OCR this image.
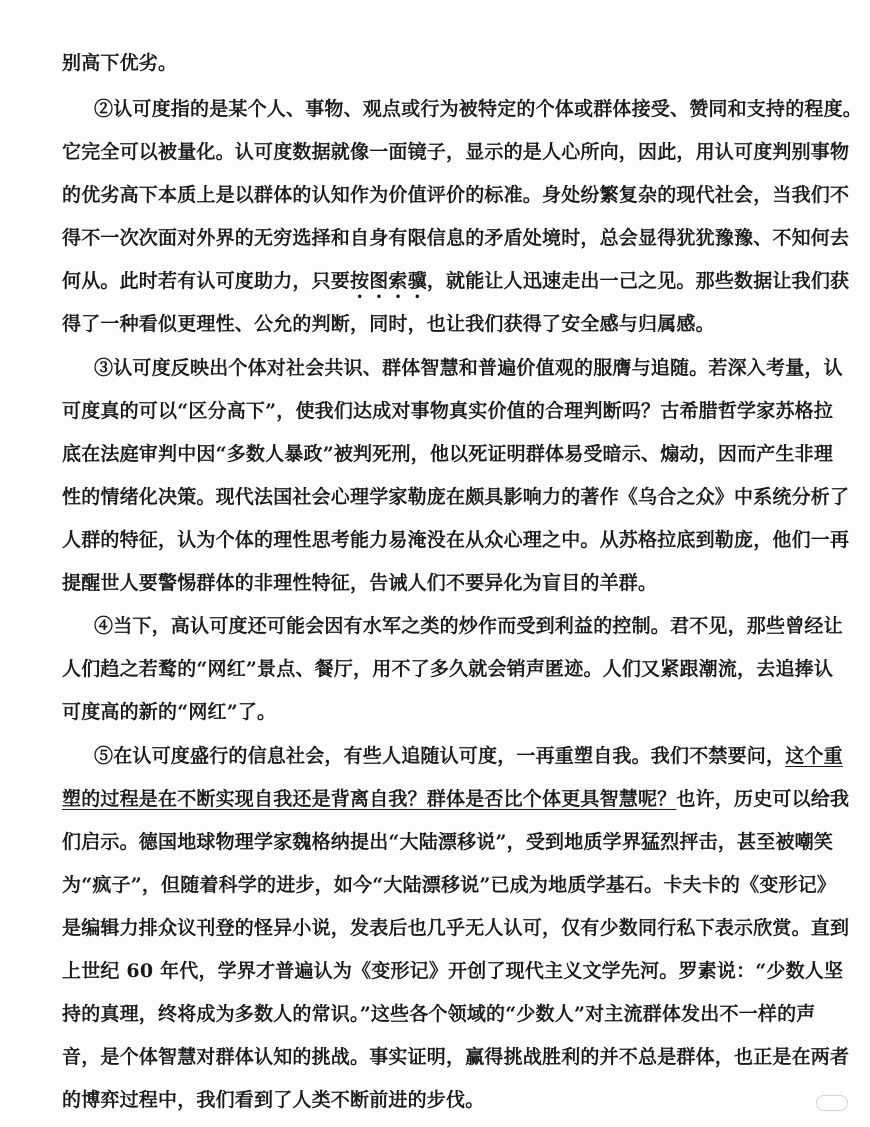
别高下优劣。
②认可度指的是某个人、事物、观点或行为被特定的个体或群体接受、赞同和支持的程度。
它完全可以被量化。认可度数据就像一面镜子，显示的是人心所向，因此，用认可度判别事物
的优劣高下本质上是以群体的认知作为价值评价的标准。身处纷繁复杂的现代社会，当我们不
得不一次次面对外界的无穷选择和自身有限信息的矛盾处境时，总会显得犹犹豫豫、不知何去
何从。此时若有认可度助力，只要按图索骥，就能让人迅速走出一己之见。那些数据让我们获
得了一种看似更理性、公允的判断，同时，也让我们获得了安全感与归属感。
③认可度反映出个体对社会共识、群体智慧和普遍价值观的服膺与追随。若深入考量，认
可度真的可以“区分高下”，使我们达成对事物真实价值的合理判断吗？古希腊哲学家苏格拉
底在法庭审判中因“多数人暴政”被判死刑，他以死证明群体易受暗示、煽动，因而产生非理
性的情绪化决策。现代法国社会心理学家勒庞在颇具影响力的著作《乌合之众》中系统分析了
人群的特征，认为个体的理性思考能力易淹没在从众心理之中。从苏格拉底到勒庞，他们一再
提醒世人要警惕群体的非理性特征，告诫人们不要异化为盲目的羊群。
④当下，高认可度还可能会因有水军之类的炒作而受到利益的控制。君不见，那些曾经让
人们趋之若鹜的“网红”景点、餐厅，用不了多久就会销声匿迹。人们又紧跟潮流，去追捧认
可度高的新的“网红”了。
⑤在认可度盛行的信息社会，有些人追随认可度，一再重塑自我。我们不禁要问，这个重
塑的过程是在不断实现自我还是背离自我？群体是否比个体更具智慧呢？也许，历史可以给我
们启示。德国地球物理学家魏格纳提出“大陆漂移说”，受到地质学界猛烈抨击，甚至被嘲笑
为“疯子”，但随着科学的进步，如今“大陆漂移说”已成为地质学基石。卡夫卡的《变形记》
是编辑力排众议刊登的怪异小说，发表后也几乎无人认可，仅有少数同行私下表示欣赏。直到
上世纪 60 年代，学界才普遍认为《变形记》开创了现代主义文学先河。罗素说：“少数人坚
持的真理，终将成为多数人的常识。”这些各个领域的“少数人”对主流群体发出不一样的声
音，是个体智慧对群体认知的挑战。事实证明，赢得挑战胜利的并不总是群体，也正是在两者
的博弈过程中，我们看到了人类不断前进的步伐。
